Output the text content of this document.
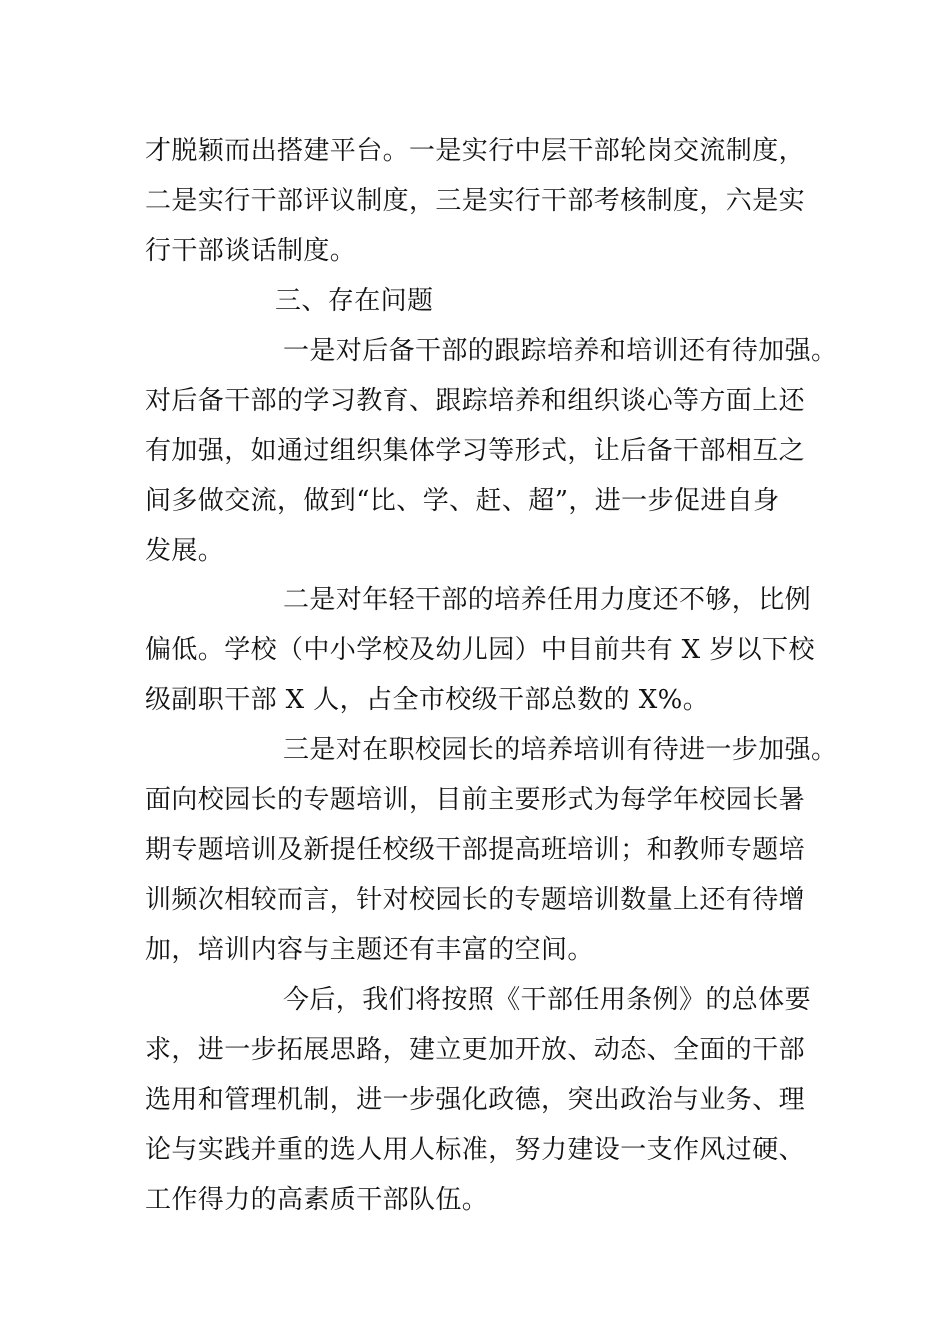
才脱颖而出搭建平台。一是实行中层干部轮岗交流制度，
二是实行干部评议制度，三是实行干部考核制度，六是实
行干部谈话制度。
三、存在问题
一是对后备干部的跟踪培养和培训还有待加强。
对后备干部的学习教育、跟踪培养和组织谈心等方面上还
有加强，如通过组织集体学习等形式，让后备干部相互之
间多做交流，做到“比、学、赶、超”，进一步促进自身
发展。
二是对年轻干部的培养任用力度还不够，比例
偏低。学校（中小学校及幼儿园）中目前共有 X 岁以下校
级副职干部 X 人，占全市校级干部总数的 X%。
三是对在职校园长的培养培训有待进一步加强。
面向校园长的专题培训，目前主要形式为每学年校园长暑
期专题培训及新提任校级干部提高班培训；和教师专题培
训频次相较而言，针对校园长的专题培训数量上还有待增
加，培训内容与主题还有丰富的空间。
今后，我们将按照《干部任用条例》的总体要
求，进一步拓展思路，建立更加开放、动态、全面的干部
选用和管理机制，进一步强化政德，突出政治与业务、理
论与实践并重的选人用人标准，努力建设一支作风过硬、
工作得力的高素质干部队伍。
